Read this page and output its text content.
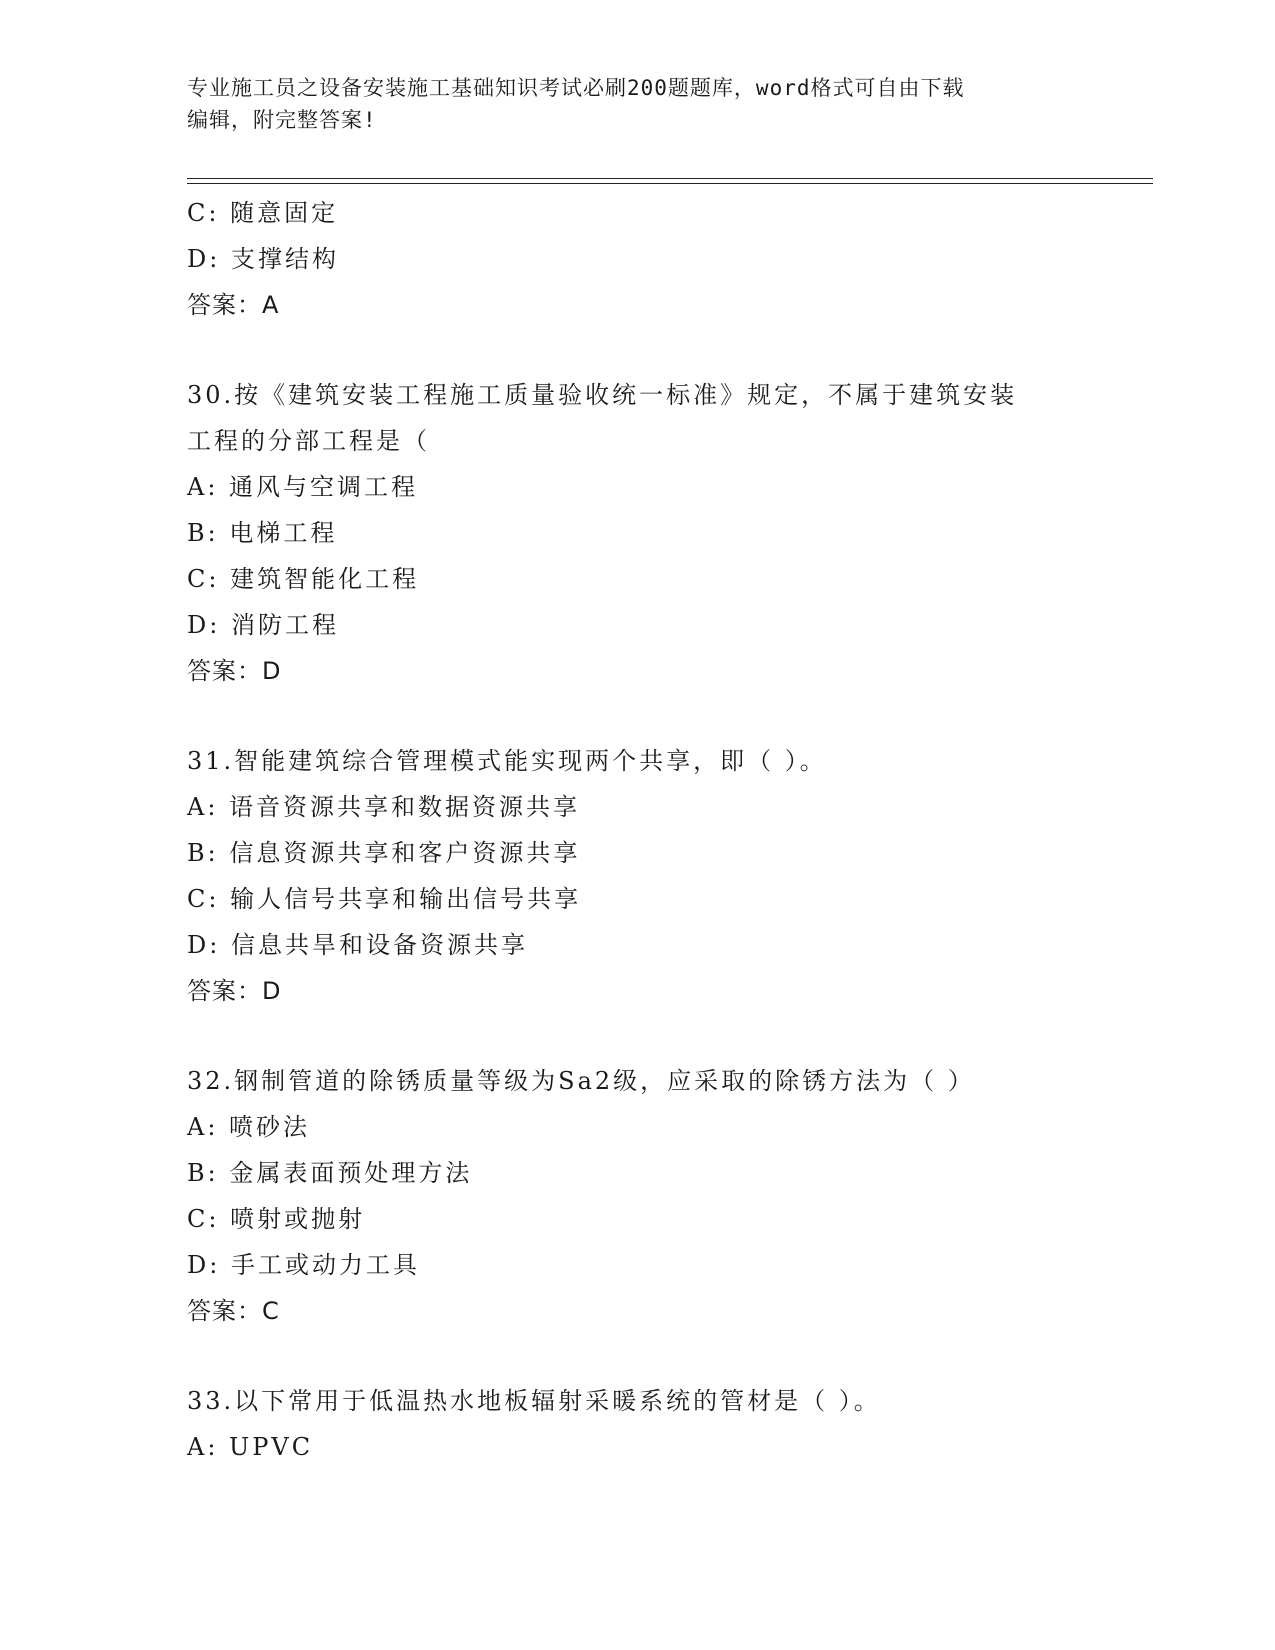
专业施工员之设备安装施工基础知识考试必刷200题题库，word格式可自由下载
编辑，附完整答案!
C: 随意固定
D: 支撑结构
答案：A
30.按《建筑安装工程施工质量验收统一标准》规定，不属于建筑安装
工程的分部工程是（
A: 通风与空调工程
B: 电梯工程
C: 建筑智能化工程
D: 消防工程
答案：D
31.智能建筑综合管理模式能实现两个共享，即（ ）。
A: 语音资源共享和数据资源共享
B: 信息资源共享和客户资源共享
C: 输人信号共享和输出信号共享
D: 信息共旱和设备资源共享
答案：D
32.钢制管道的除锈质量等级为Sa2级，应采取的除锈方法为（ ）
A: 喷砂法
B: 金属表面预处理方法
C: 喷射或抛射
D: 手工或动力工具
答案：C
33.以下常用于低温热水地板辐射采暖系统的管材是（ ）。
A: UPVC
